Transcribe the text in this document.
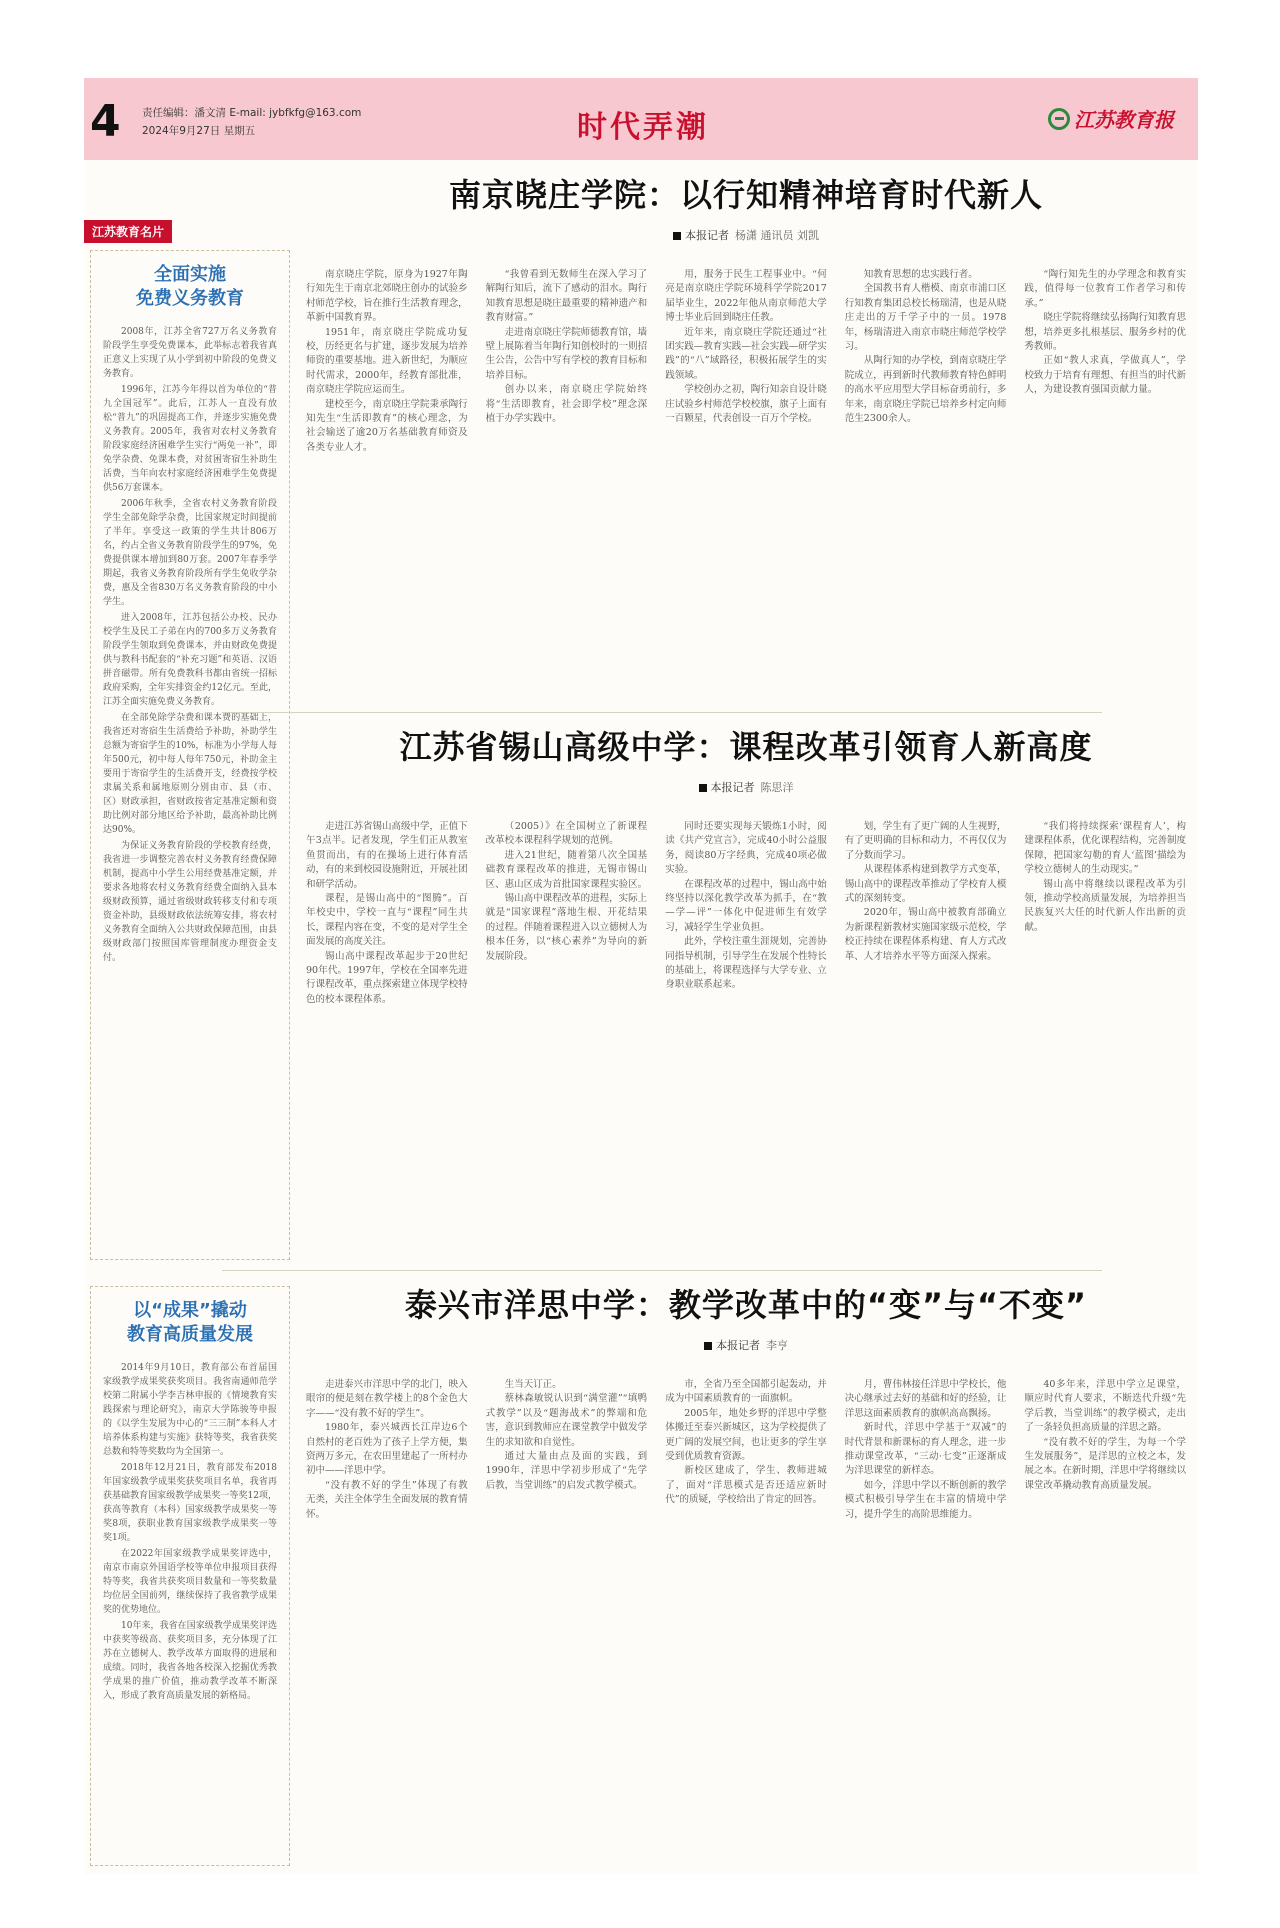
4 责任编辑：潘文清 E-mail: jybfkfg@163.com
2024年9月27日 星期五	时代弄潮	江苏教育报
江苏教育名片
全面实施
免费义务教育

2008年，江苏全省727万名义务教育阶段学生享受免费课本，此举标志着我省真正意义上实现了从小学到初中阶段的免费义务教育。

1996年，江苏今年得以首为单位的“普九全国冠军”。此后，江苏人一直没有放松“普九”的巩固提高工作，并逐步实施免费义务教育。2005年，我省对农村义务教育阶段家庭经济困难学生实行“两免一补”，即免学杂费、免课本费，对贫困寄宿生补助生活费，当年向农村家庭经济困难学生免费提供56万套课本。

2006年秋季，全省农村义务教育阶段学生全部免除学杂费，比国家规定时间提前了半年。享受这一政策的学生共计806万名，约占全省义务教育阶段学生的97%，免费提供课本增加到80万套。2007年春季学期起，我省义务教育阶段所有学生免收学杂费，惠及全省830万名义务教育阶段的中小学生。

进入2008年，江苏包括公办校、民办校学生及民工子弟在内的700多万义务教育阶段学生领取到免费课本，并由财政免费提供与教科书配套的“补充习题”和英语、汉语拼音磁带。所有免费教科书都由省统一招标政府采购，全年实排资金约12亿元。至此，江苏全面实施免费义务教育。

在全部免除学杂费和课本费的基础上，我省还对寄宿生生活费给予补助，补助学生总额为寄宿学生的10%，标准为小学每人每年500元，初中每人每年750元，补助金主要用于寄宿学生的生活费开支，经费按学校隶属关系和属地原则分别由市、县（市、区）财政承担，省财政按省定基准定额和资助比例对部分地区给予补助，最高补助比例达90%。

为保证义务教育阶段的学校教育经费，我省进一步调整完善农村义务教育经费保障机制，提高中小学生公用经费基准定额，并要求各地将农村义务教育经费全面纳入县本级财政预算，通过省级财政转移支付和专项资金补助，县级财政依法统筹安排，将农村义务教育全面纳入公共财政保障范围，由县级财政部门按照国库管理制度办理资金支付。

以“成果”撬动
教育高质量发展

2014年9月10日，教育部公布首届国家级教学成果奖获奖项目。我省南通师范学校第二附属小学李吉林申报的《情境教育实践探索与理论研究》，南京大学陈骏等申报的《以学生发展为中心的“三三制”本科人才培养体系构建与实施》获特等奖，我省获奖总数和特等奖数均为全国第一。

2018年12月21日，教育部发布2018年国家级教学成果奖获奖项目名单，我省再获基础教育国家级教学成果奖一等奖12项，获高等教育（本科）国家级教学成果奖一等奖8项，获职业教育国家级教学成果奖一等奖1项。

在2022年国家级教学成果奖评选中，南京市南京外国语学校等单位申报项目获得特等奖，我省共获奖项目数量和一等奖数量均位居全国前列，继续保持了我省教学成果奖的优势地位。

10年来，我省在国家级教学成果奖评选中获奖等级高、获奖项目多，充分体现了江苏在立德树人、教学改革方面取得的进展和成绩。同时，我省各地各校深入挖掘优秀教学成果的推广价值，推动教学改革不断深入，形成了教育高质量发展的新格局。

南京晓庄学院：以行知精神培育时代新人
本报记者 杨潇 通讯员 刘凯

南京晓庄学院，原身为1927年陶行知先生于南京北郊晓庄创办的试验乡村师范学校，旨在推行生活教育理念，革新中国教育界。

1951年，南京晓庄学院成功复校，历经更名与扩建，逐步发展为培养师资的重要基地。进入新世纪，为顺应时代需求，2000年，经教育部批准，南京晓庄学院应运而生。

建校至今，南京晓庄学院秉承陶行知先生“生活即教育”的核心理念，为社会输送了逾20万名基础教育师资及各类专业人才。

“我曾看到无数师生在深入学习了解陶行知后，流下了感动的泪水。陶行知教育思想是晓庄最重要的精神遗产和教育财富。”

走进南京晓庄学院师德教育馆，墙壁上展陈着当年陶行知创校时的一则招生公告，公告中写有学校的教育目标和培养目标。

创办以来，南京晓庄学院始终将“生活即教育，社会即学校”理念深植于办学实践中。

用，服务于民生工程事业中。“何亮是南京晓庄学院环境科学学院2017届毕业生，2022年他从南京师范大学博士毕业后回到晓庄任教。

近年来，南京晓庄学院还通过“社团实践—教育实践—社会实践—研学实践”的“八”域路径，积极拓展学生的实践领域。

学校创办之初，陶行知亲自设计晓庄试验乡村师范学校校旗，旗子上面有一百颗星，代表创设一百万个学校。

知教育思想的忠实践行者。

全国教书育人楷模、南京市浦口区行知教育集团总校长杨瑞清，也是从晓庄走出的万千学子中的一员。1978年，杨瑞清进入南京市晓庄师范学校学习。

从陶行知的办学校，到南京晓庄学院成立，再到新时代教师教育特色鲜明的高水平应用型大学目标奋勇前行，多年来，南京晓庄学院已培养乡村定向师范生2300余人。

“陶行知先生的办学理念和教育实践，值得每一位教育工作者学习和传承。”

晓庄学院将继续弘扬陶行知教育思想，培养更多扎根基层、服务乡村的优秀教师。

正如“教人求真，学做真人”，学校致力于培育有理想、有担当的时代新人，为建设教育强国贡献力量。

江苏省锡山高级中学：课程改革引领育人新高度
本报记者 陈思洋

走进江苏省锡山高级中学，正值下午3点半。记者发现，学生们正从教室鱼贯而出，有的在操场上进行体育活动，有的来到校园设施附近，开展社团和研学活动。

课程，是锡山高中的“图腾”。百年校史中，学校一直与“课程”同生共长，课程内容在变，不变的是对学生全面发展的高度关注。

锡山高中课程改革起步于20世纪90年代。1997年，学校在全国率先进行课程改革，重点探索建立体现学校特色的校本课程体系。

（2005）》在全国树立了新课程改革校本课程科学规划的范例。

进入21世纪，随着第八次全国基础教育课程改革的推进，无锡市锡山区、惠山区成为首批国家课程实验区。

锡山高中课程改革的进程，实际上就是“国家课程”落地生根、开花结果的过程。伴随着课程进入以立德树人为根本任务，以“核心素养”为导向的新发展阶段。

同时还要实现每天锻炼1小时，阅读《共产党宣言》，完成40小时公益服务，阅读80万字经典，完成40项必做实验。

在课程改革的过程中，锡山高中始终坚持以深化教学改革为抓手，在“教—学—评”一体化中促进师生有效学习，减轻学生学业负担。

此外，学校注重生涯规划，完善协同指导机制，引导学生在发展个性特长的基础上，将课程选择与大学专业、立身职业联系起来。

划，学生有了更广阔的人生视野，有了更明确的目标和动力，不再仅仅为了分数而学习。

从课程体系构建到教学方式变革，锡山高中的课程改革推动了学校育人模式的深刻转变。

2020年，锡山高中被教育部确立为新课程新教材实施国家级示范校，学校正持续在课程体系构建、育人方式改革、人才培养水平等方面深入探索。

“我们将持续探索‘课程育人’，构建课程体系，优化课程结构，完善制度保障，把国家勾勒的育人‘蓝图’描绘为学校立德树人的生动现实。”

锡山高中将继续以课程改革为引领，推动学校高质量发展，为培养担当民族复兴大任的时代新人作出新的贡献。

泰兴市洋思中学：教学改革中的“变”与“不变”
本报记者 李亨

走进泰兴市洋思中学的北门，映入眼帘的便是刻在教学楼上的8个金色大字——“没有教不好的学生”。

1980年，泰兴城西长江岸边6个自然村的老百姓为了孩子上学方便，集资两万多元，在农田里建起了一所村办初中——洋思中学。

“没有教不好的学生”体现了有教无类，关注全体学生全面发展的教育情怀。

生当天订正。

蔡林森敏锐认识到“满堂灌”“填鸭式教学”以及“题海战术”的弊端和危害，意识到教师应在课堂教学中做发学生的求知欲和自觉性。

通过大量由点及面的实践，到1990年，洋思中学初步形成了“先学后教，当堂训练”的启发式教学模式。

市，全省乃至全国都引起轰动，并成为中国素质教育的一面旗帜。

2005年，地处乡野的洋思中学整体搬迁至泰兴新城区，这为学校提供了更广阔的发展空间，也让更多的学生享受到优质教育资源。

新校区建成了，学生、教师进城了，面对“洋思模式是否还适应新时代”的质疑，学校给出了肯定的回答。

月，曹伟林接任洋思中学校长，他决心继承过去好的基础和好的经验，让洋思这面素质教育的旗帜高高飘扬。

新时代，洋思中学基于“双减”的时代背景和新课标的育人理念，进一步推动课堂改革，“三动·七变”正逐渐成为洋思课堂的新样态。

如今，洋思中学以不断创新的教学模式积极引导学生在丰富的情境中学习，提升学生的高阶思维能力。

40多年来，洋思中学立足课堂，顺应时代育人要求，不断迭代升级“先学后教，当堂训练”的教学模式，走出了一条轻负担高质量的洋思之路。

“没有教不好的学生，为每一个学生发展服务”，是洋思的立校之本，发展之本。在新时期，洋思中学将继续以课堂改革撬动教育高质量发展。
